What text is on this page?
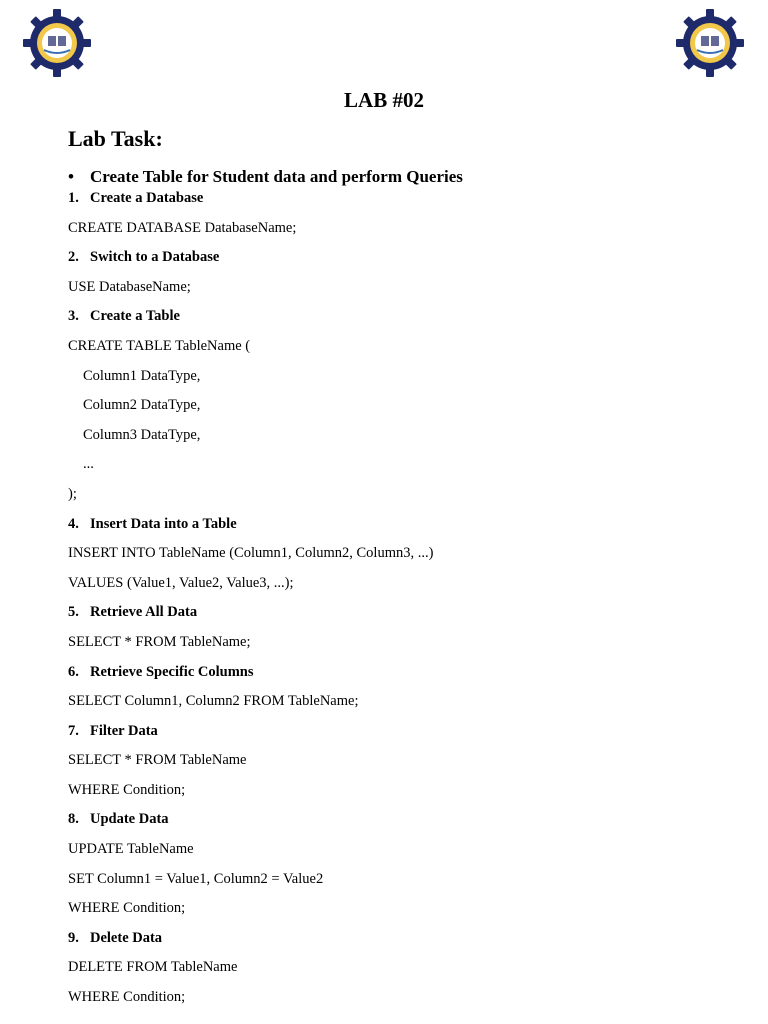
LAB #02
Lab Task:
• Create Table for Student data and perform Queries
1. Create a Database
CREATE DATABASE DatabaseName;
2. Switch to a Database
USE DatabaseName;
3. Create a Table
CREATE TABLE TableName (
Column1 DataType,
Column2 DataType,
Column3 DataType,
...
);
4. Insert Data into a Table
INSERT INTO TableName (Column1, Column2, Column3, ...)
VALUES (Value1, Value2, Value3, ...);
5. Retrieve All Data
SELECT * FROM TableName;
6. Retrieve Specific Columns
SELECT Column1, Column2 FROM TableName;
7. Filter Data
SELECT * FROM TableName
WHERE Condition;
8. Update Data
UPDATE TableName
SET Column1 = Value1, Column2 = Value2
WHERE Condition;
9. Delete Data
DELETE FROM TableName
WHERE Condition;
